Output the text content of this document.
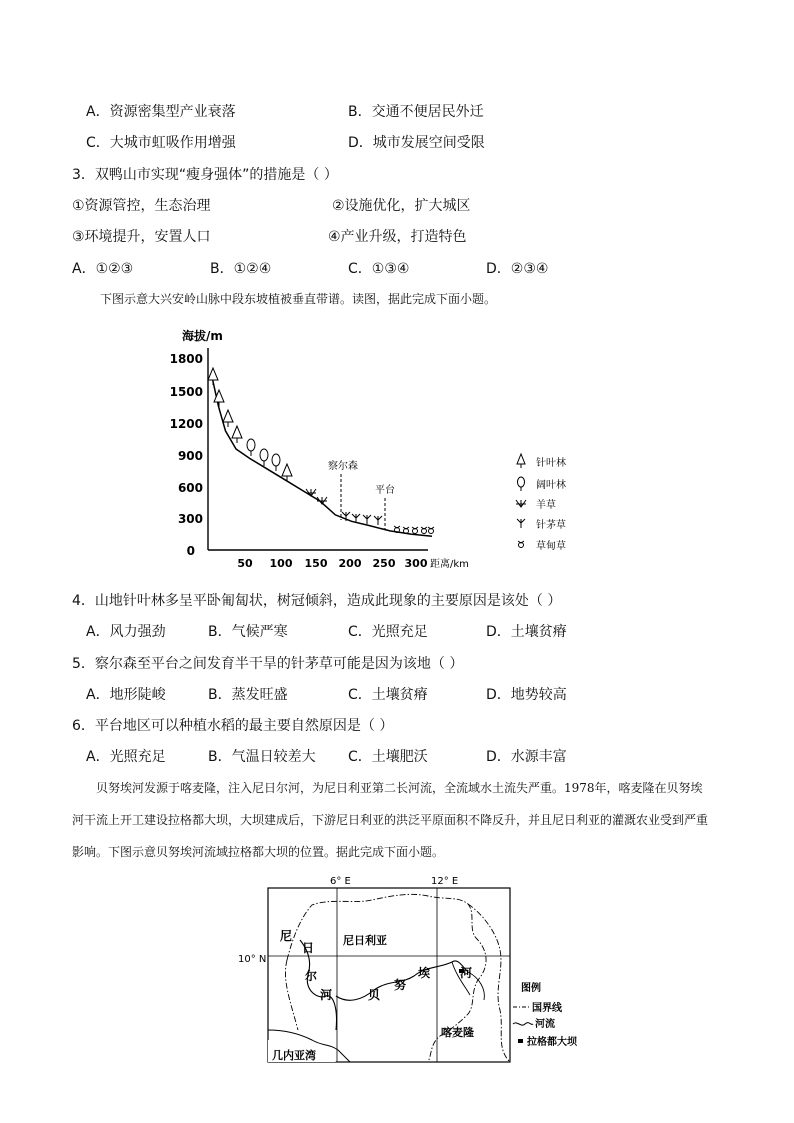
A．资源密集型产业衰落	B．交通不便居民外迁
C．大城市虹吸作用增强	D．城市发展空间受限
3．双鸭山市实现“瘦身强体”的措施是（ ）
①资源管控，生态治理	②设施优化，扩大城区
③环境提升，安置人口	④产业升级，打造特色
A．①②③	B．①②④	C．①③④	D．②③④
下图示意大兴安岭山脉中段东坡植被垂直带谱。读图，据此完成下面小题。
海拔/m
1800
1500
1200
900
600
300
0
50 100 150 200 250 300 距离/km
察尔森
平台
针叶林
阔叶林
羊草
针茅草
草甸草
4．山地针叶林多呈平卧匍匐状，树冠倾斜，造成此现象的主要原因是该处（ ）
A．风力强劲	B．气候严寒	C．光照充足	D．土壤贫瘠
5．察尔森至平台之间发育半干旱的针茅草可能是因为该地（ ）
A．地形陡峻	B．蒸发旺盛	C．土壤贫瘠	D．地势较高
6．平台地区可以种植水稻的最主要自然原因是（ ）
A．光照充足	B．气温日较差大 C．土壤肥沃	D．水源丰富
贝努埃河发源于喀麦隆，注入尼日尔河，为尼日利亚第二长河流，全流域水土流失严重。1978年，喀麦隆在贝努埃河干流上开工建设拉格都大坝，大坝建成后，下游尼日利亚的洪泛平原面积不降反升，并且尼日利亚的灌溉农业受到严重影响。下图示意贝努埃河流域拉格都大坝的位置。据此完成下面小题。
6° E	12° E
10° N
几内亚湾
尼
日
尔
河
尼日利亚
贝
努
埃 河
喀麦隆
图例
国界线
河流
拉格都大坝
